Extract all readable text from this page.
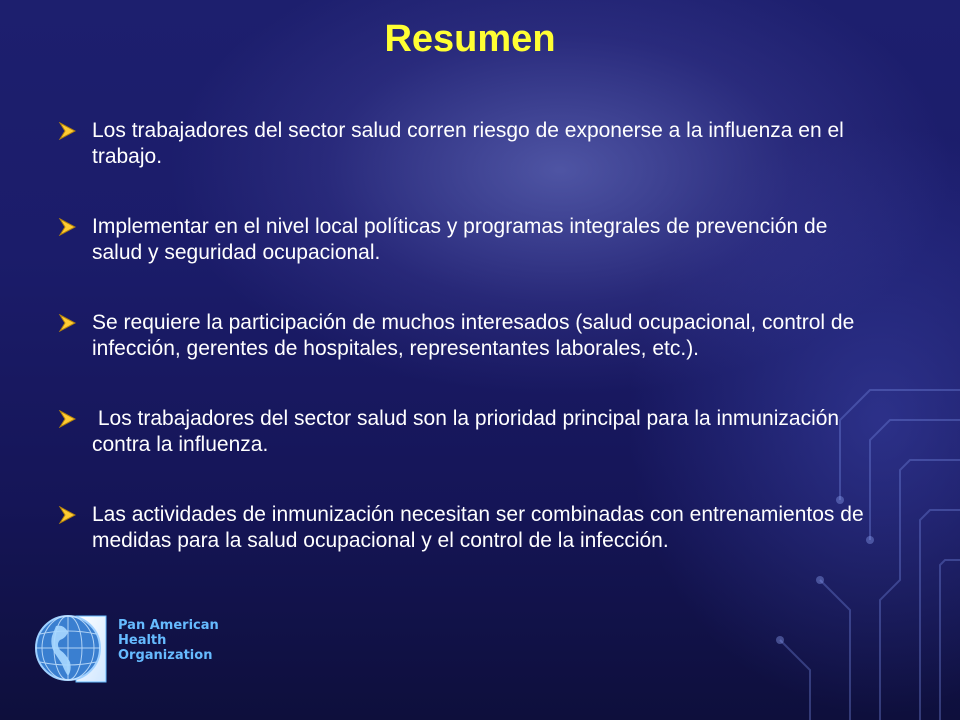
Resumen
Los trabajadores del sector salud corren riesgo de exponerse a la influenza en el trabajo.
Implementar en el nivel local políticas y programas integrales de prevención de salud y seguridad ocupacional.
Se requiere la participación de muchos interesados (salud ocupacional, control de infección, gerentes de hospitales, representantes laborales, etc.).
Los trabajadores del sector salud son la prioridad principal para la inmunización contra la influenza.
Las actividades de inmunización necesitan ser combinadas con entrenamientos de medidas para la salud ocupacional y el control de la infección.
Pan American
Health
Organization
